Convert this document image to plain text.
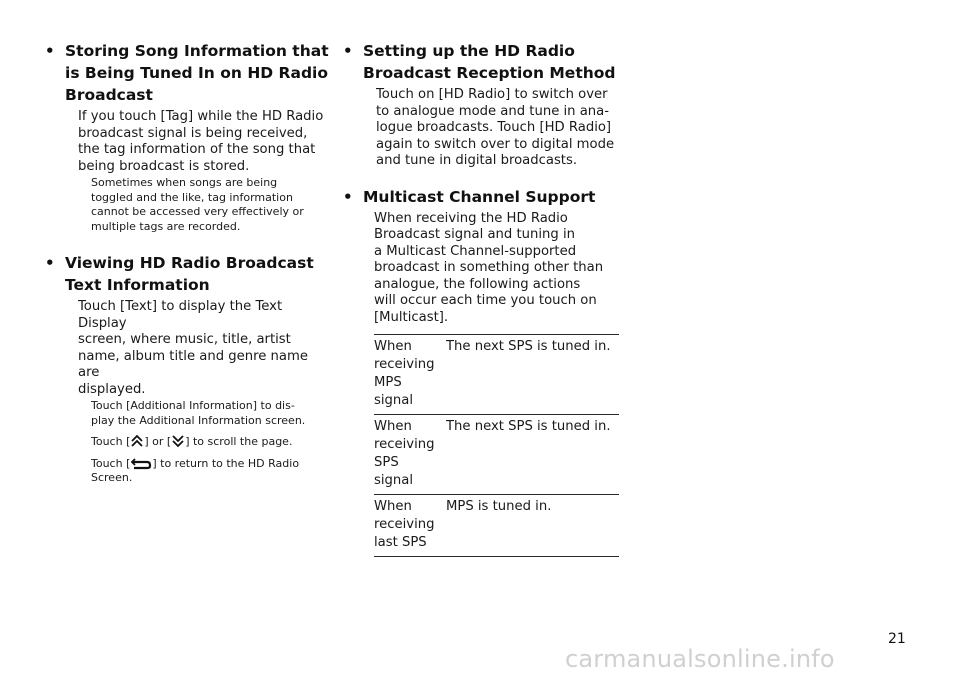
• Storing Song Information that
is Being Tuned In on HD Radio
Broadcast
If you touch [Tag] while the HD Radio
broadcast signal is being received,
the tag information of the song that
being broadcast is stored.
Sometimes when songs are being
toggled and the like, tag information
cannot be accessed very effectively or
multiple tags are recorded.
• Viewing HD Radio Broadcast
Text Information
Touch [Text] to display the Text Display
screen, where music, title, artist
name, album title and genre name are
displayed.
Touch [Additional Information] to dis-
play the Additional Information screen.
Touch [ ] or [ ] to scroll the page.
Touch [ ] to return to the HD Radio
Screen.
• Setting up the HD Radio
Broadcast Reception Method
Touch on [HD Radio] to switch over
to analogue mode and tune in ana-
logue broadcasts. Touch [HD Radio]
again to switch over to digital mode
and tune in digital broadcasts.
• Multicast Channel Support
When receiving the HD Radio
Broadcast signal and tuning in
a Multicast Channel-supported
broadcast in something other than
analogue, the following actions
will occur each time you touch on
[Multicast].
When
receiving
MPS
signal	The next SPS is tuned in.

When
receiving
SPS
signal	The next SPS is tuned in.

When
receiving
last SPS	MPS is tuned in.
21
carmanualsonline.info
